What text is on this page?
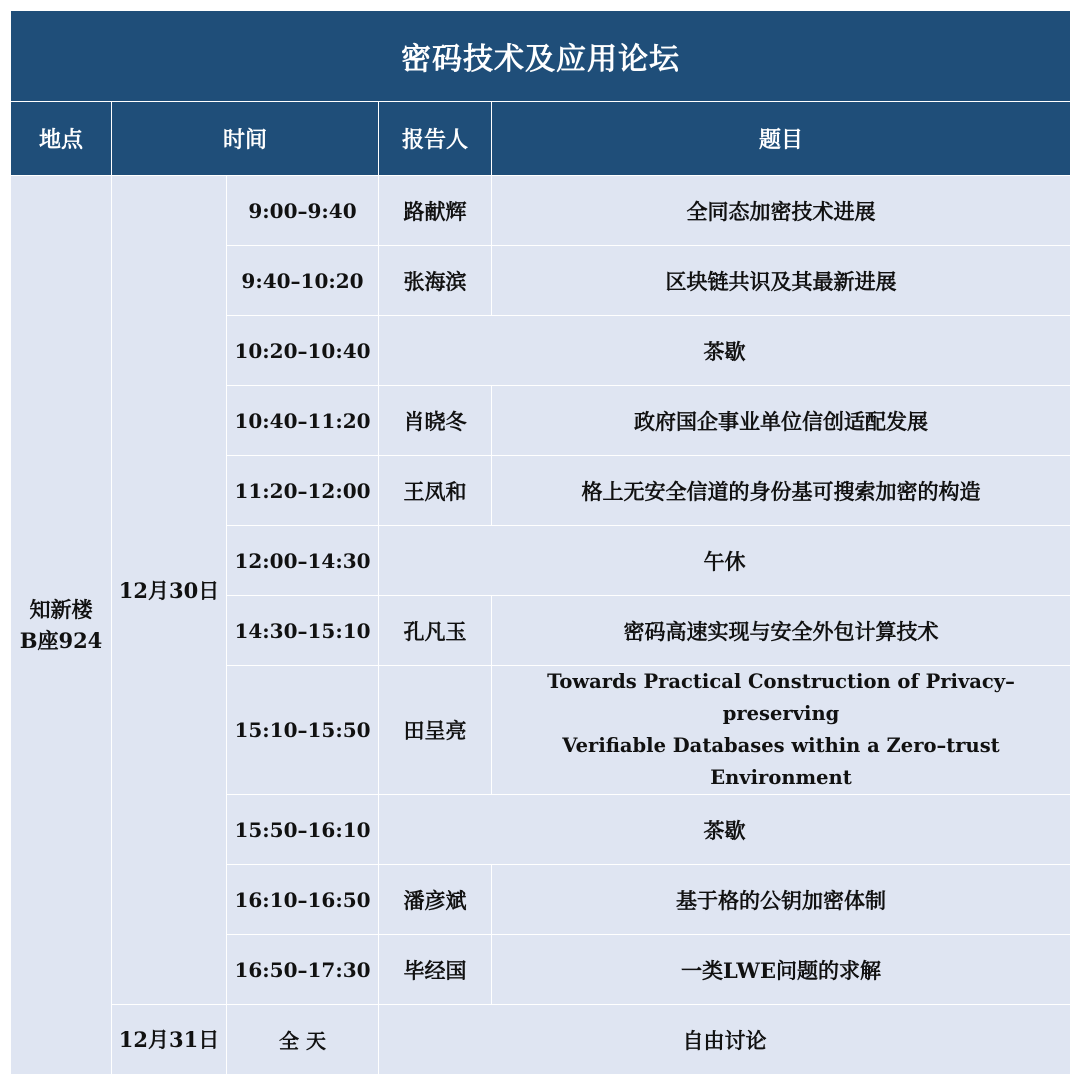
密码技术及应用论坛				
地点	时间		报告人	题目
知新楼
B座924	12月30日	9:00–9:40	路献辉	全同态加密技术进展
		9:40–10:20	张海滨	区块链共识及其最新进展
		10:20–10:40	茶歇	
		10:40–11:20	肖晓冬	政府国企事业单位信创适配发展
		11:20–12:00	王凤和	格上无安全信道的身份基可搜索加密的构造
		12:00–14:30	午休	
		14:30–15:10	孔凡玉	密码高速实现与安全外包计算技术
		15:10–15:50	田呈亮	Towards Practical Construction of Privacy–preserving
Verifiable Databases within a Zero–trust Environment
		15:50–16:10	茶歇	
		16:10–16:50	潘彦斌	基于格的公钥加密体制
		16:50–17:30	毕经国	一类LWE问题的求解
	12月31日	全 天	自由讨论	
